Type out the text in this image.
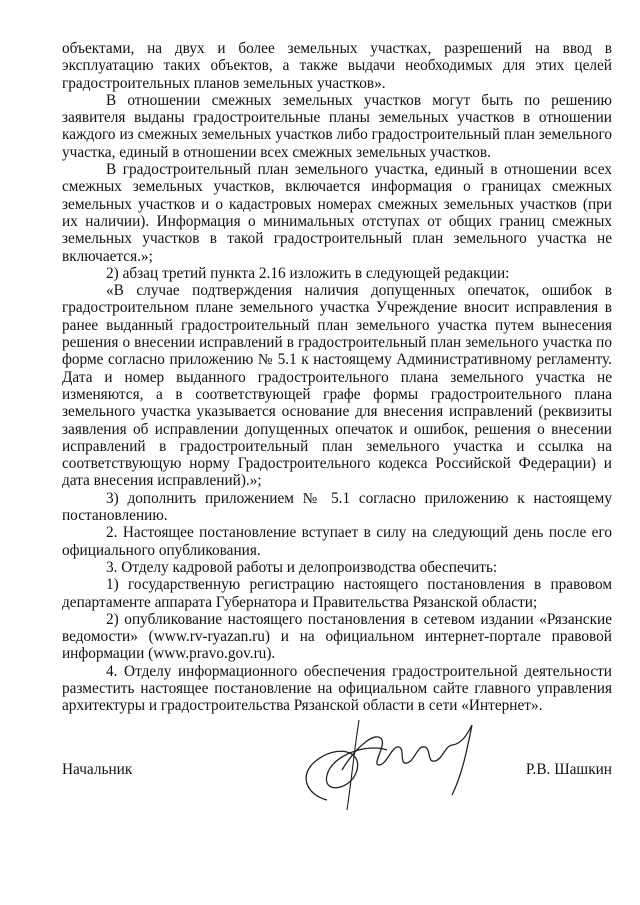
объектами, на двух и более земельных участках, разрешений на ввод в эксплуатацию таких объектов, а также выдачи необходимых для этих целей градостроительных планов земельных участков».

В отношении смежных земельных участков могут быть по решению заявителя выданы градостроительные планы земельных участков в отношении каждого из смежных земельных участков либо градостроительный план земельного участка, единый в отношении всех смежных земельных участков.

В градостроительный план земельного участка, единый в отношении всех смежных земельных участков, включается информация о границах смежных земельных участков и о кадастровых номерах смежных земельных участков (при их наличии). Информация о минимальных отступах от общих границ смежных земельных участков в такой градостроительный план земельного участка не включается.»;

2) абзац третий пункта 2.16 изложить в следующей редакции:

«В случае подтверждения наличия допущенных опечаток, ошибок в градостроительном плане земельного участка Учреждение вносит исправления в ранее выданный градостроительный план земельного участка путем вынесения решения о внесении исправлений в градостроительный план земельного участка по форме согласно приложению № 5.1 к настоящему Административному регламенту. Дата и номер выданного градостроительного плана земельного участка не изменяются, а в соответствующей графе формы градостроительного плана земельного участка указывается основание для внесения исправлений (реквизиты заявления об исправлении допущенных опечаток и ошибок, решения о внесении исправлений в градостроительный план земельного участка и ссылка на соответствующую норму Градостроительного кодекса Российской Федерации) и дата внесения исправлений).»;

3) дополнить приложением № 5.1 согласно приложению к настоящему постановлению.

2. Настоящее постановление вступает в силу на следующий день после его официального опубликования.

3. Отделу кадровой работы и делопроизводства обеспечить:

1) государственную регистрацию настоящего постановления в правовом департаменте аппарата Губернатора и Правительства Рязанской области;

2) опубликование настоящего постановления в сетевом издании «Рязанские ведомости» (www.rv-ryazan.ru) и на официальном интернет-портале правовой информации (www.pravo.gov.ru).

4. Отделу информационного обеспечения градостроительной деятельности разместить настоящее постановление на официальном сайте главного управления архитектуры и градостроительства Рязанской области в сети «Интернет».

Начальник	Р.В. Шашкин
